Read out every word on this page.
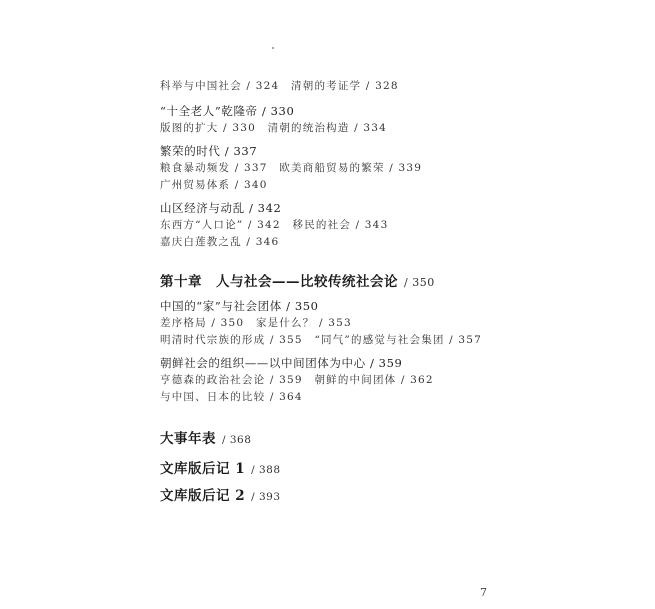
科举与中国社会 / 324　清朝的考证学 / 328
“十全老人”乾隆帝 / 330
版图的扩大 / 330　清朝的统治构造 / 334
繁荣的时代 / 337
粮食暴动频发 / 337　欧美商船贸易的繁荣 / 339
广州贸易体系 / 340
山区经济与动乱 / 342
东西方“人口论” / 342　移民的社会 / 343
嘉庆白莲教之乱 / 346
第十章　人与社会——比较传统社会论 / 350
中国的“家”与社会团体 / 350
差序格局 / 350　家是什么？ / 353
明清时代宗族的形成 / 355　“同气”的感觉与社会集团 / 357
朝鲜社会的组织——以中间团体为中心 / 359
亨德森的政治社会论 / 359　朝鲜的中间团体 / 362
与中国、日本的比较 / 364
大事年表 / 368
文库版后记 1 / 388
文库版后记 2 / 393
7
